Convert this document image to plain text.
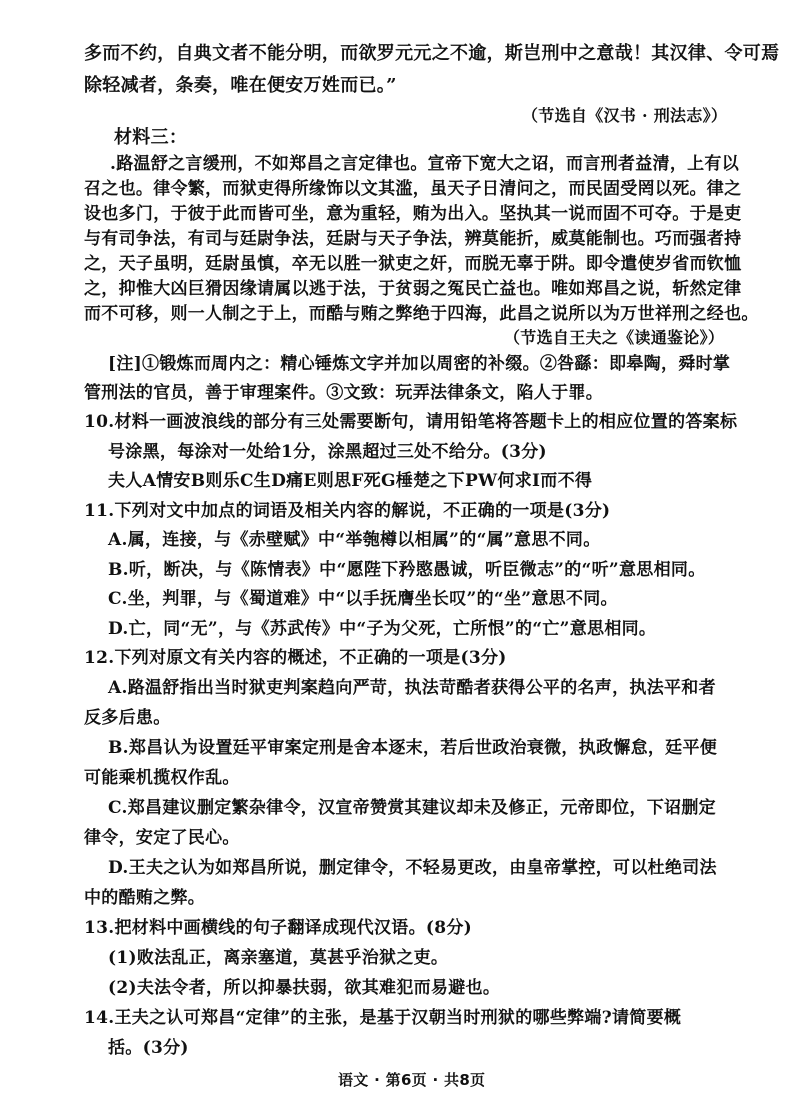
多而不约，自典文者不能分明，而欲罗元元之不逾，斯岂刑中之意哉！其汉律、令可焉
除轻减者，条奏，唯在便安万姓而已。”
（节选自《汉书 · 刑法志》）
材料三：
.路温舒之言缓刑，不如郑昌之言定律也。宣帝下宽大之诏，而言刑者益清，上有以
召之也。律令繁，而狱吏得所缘饰以文其滥，虽天子日清问之，而民固受罔以死。律之
设也多门，于彼于此而皆可坐，意为重轻，贿为出入。坚执其一说而固不可夺。于是吏
与有司争法，有司与廷尉争法，廷尉与天子争法，辨莫能折，威莫能制也。巧而强者持
之，天子虽明，廷尉虽慎，卒无以胜一狱吏之奸，而脱无辜于阱。即令遣使岁省而钦恤
之，抑惟大凶巨猾因缘请属以逃于法，于贫弱之冤民亡益也。唯如郑昌之说，斩然定律
而不可移，则一人制之于上，而酷与贿之弊绝于四海，此昌之说所以为万世祥刑之经也。
（节选自王夫之《读通鉴论》）
[注]①锻炼而周内之：精心锤炼文字并加以周密的补缀。②咎繇：即皋陶，舜时掌
管刑法的官员，善于审理案件。③文致：玩弄法律条文，陷人于罪。
10.材料一画波浪线的部分有三处需要断句，请用铅笔将答题卡上的相应位置的答案标
号涂黑，每涂对一处给1分，涂黑超过三处不给分。(3分)
夫人A情安B则乐C生D痛E则思F死G棰楚之下PW何求I而不得
11.下列对文中加点的词语及相关内容的解说，不正确的一项是(3分)
A.属，连接，与《赤壁赋》中“举匏樽以相属”的“属”意思不同。
B.听，断决，与《陈情表》中“愿陛下矜愍愚诚，听臣微志”的“听”意思相同。
C.坐，判罪，与《蜀道难》中“以手抚膺坐长叹”的“坐”意思不同。
D.亡，同“无”，与《苏武传》中“子为父死，亡所恨”的“亡”意思相同。
12.下列对原文有关内容的概述，不正确的一项是(3分)
A.路温舒指出当时狱吏判案趋向严苛，执法苛酷者获得公平的名声，执法平和者
反多后患。
B.郑昌认为设置廷平审案定刑是舍本逐末，若后世政治衰微，执政懈怠，廷平便
可能乘机揽权作乱。
C.郑昌建议删定繁杂律令，汉宣帝赞赏其建议却未及修正，元帝即位，下诏删定
律令，安定了民心。
D.王夫之认为如郑昌所说，删定律令，不轻易更改，由皇帝掌控，可以杜绝司法
中的酷贿之弊。
语文 · 第6页 · 共8页
13.把材料中画横线的句子翻译成现代汉语。(8分)
(1)败法乱正，离亲塞道，莫甚乎治狱之吏。
(2)夫法令者，所以抑暴扶弱，欲其难犯而易避也。
14.王夫之认可郑昌“定律”的主张，是基于汉朝当时刑狱的哪些弊端?请简要概
括。(3分)
